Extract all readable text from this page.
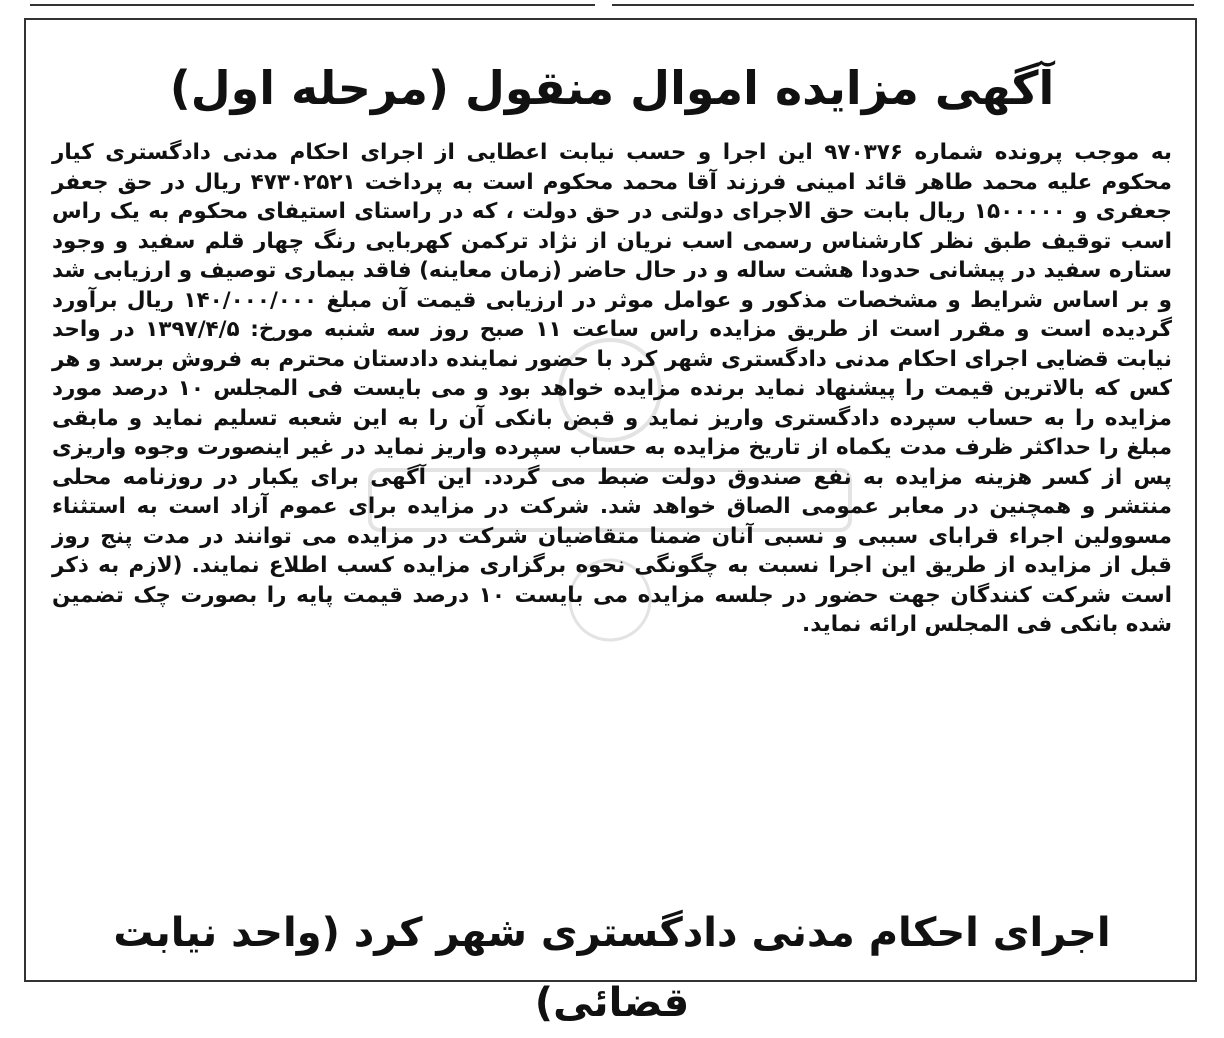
آگهی مزایده اموال منقول (مرحله اول)
به موجب پرونده شماره ۹۷۰۳۷۶ این اجرا و حسب نیابت اعطایی از اجرای احکام مدنی دادگستری کیار محکوم علیه محمد طاهر قائد امینی فرزند آقا محمد محکوم است به پرداخت ۴۷۳۰۲۵۲۱ ریال در حق جعفر جعفری و ۱۵۰۰۰۰۰ ریال بابت حق الاجرای دولتی در حق دولت ، که در راستای استیفای محکوم به یک راس اسب توقیف طبق نظر کارشناس رسمی اسب نریان از نژاد ترکمن کهربایی رنگ چهار قلم سفید و وجود ستاره سفید در پیشانی حدودا هشت ساله و در حال حاضر (زمان معاینه) فاقد بیماری توصیف و ارزیابی شد و بر اساس شرایط و مشخصات مذکور و عوامل موثر در ارزیابی قیمت آن مبلغ ۱۴۰/۰۰۰/۰۰۰ ریال برآورد گردیده است و مقرر است از طریق مزایده راس ساعت ۱۱ صبح روز سه شنبه مورخ: ۱۳۹۷/۴/۵ در واحد نیابت قضایی اجرای احکام مدنی دادگستری شهر کرد با حضور نماینده دادستان محترم به فروش برسد و هر کس که بالاترین قیمت را پیشنهاد نماید برنده مزایده خواهد بود و می بایست فی المجلس ۱۰ درصد مورد مزایده را به حساب سپرده دادگستری واریز نماید و قبض بانکی آن را به این شعبه تسلیم نماید و مابقی مبلغ را حداکثر ظرف مدت یکماه از تاریخ مزایده به حساب سپرده واریز نماید در غیر اینصورت وجوه واریزی پس از کسر هزینه مزایده به نفع صندوق دولت ضبط می گردد. این آگهی برای یکبار در روزنامه محلی منتشر و همچنین در معابر عمومی الصاق خواهد شد. شرکت در مزایده برای عموم آزاد است به استثناء مسوولین اجراء قرابای سببی و نسبی آنان ضمنا متقاضیان شرکت در مزایده می توانند در مدت پنج روز قبل از مزایده از طریق این اجرا نسبت به چگونگی نحوه برگزاری مزایده کسب اطلاع نمایند. (لازم به ذکر است شرکت کنندگان جهت حضور در جلسه مزایده می بایست ۱۰ درصد قیمت پایه را بصورت چک تضمین شده بانکی فی المجلس ارائه نماید.
اجرای احکام مدنی دادگستری شهر کرد (واحد نیابت قضائی)
